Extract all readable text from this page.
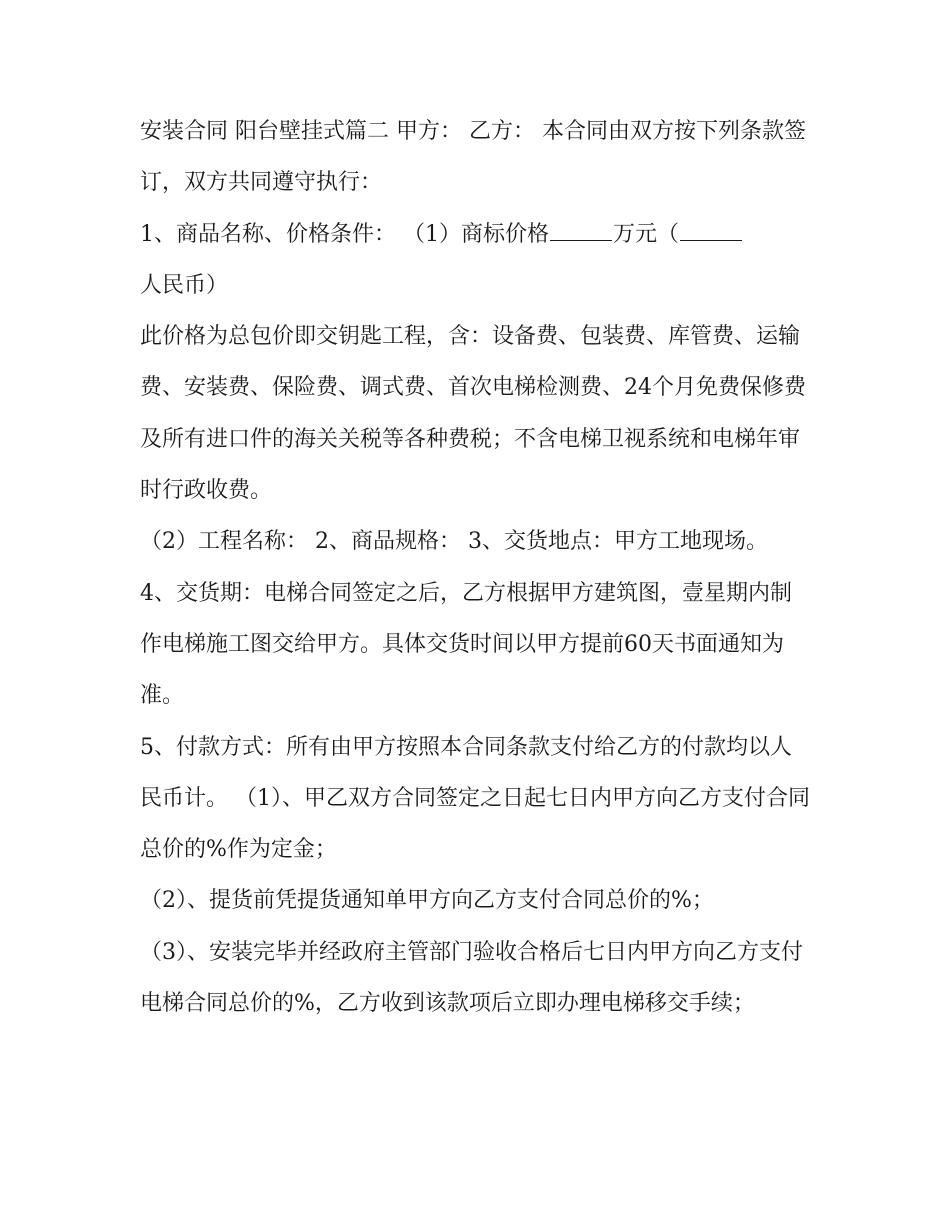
安装合同 阳台壁挂式篇二 甲方： 乙方： 本合同由双方按下列条款签订，双方共同遵守执行：

1、商品名称、价格条件： （1）商标价格	万元（
人民币）

此价格为总包价即交钥匙工程，含：设备费、包装费、库管费、运输费、安装费、保险费、调式费、首次电梯检测费、24个月免费保修费及所有进口件的海关关税等各种费税；不含电梯卫视系统和电梯年审时行政收费。

（2）工程名称： 2、商品规格： 3、交货地点：甲方工地现场。

4、交货期：电梯合同签定之后，乙方根据甲方建筑图，壹星期内制作电梯施工图交给甲方。具体交货时间以甲方提前60天书面通知为准。

5、付款方式：所有由甲方按照本合同条款支付给乙方的付款均以人民币计。 （1）、甲乙双方合同签定之日起七日内甲方向乙方支付合同总价的%作为定金；

（2）、提货前凭提货通知单甲方向乙方支付合同总价的%；

（3）、安装完毕并经政府主管部门验收合格后七日内甲方向乙方支付电梯合同总价的%，乙方收到该款项后立即办理电梯移交手续；
